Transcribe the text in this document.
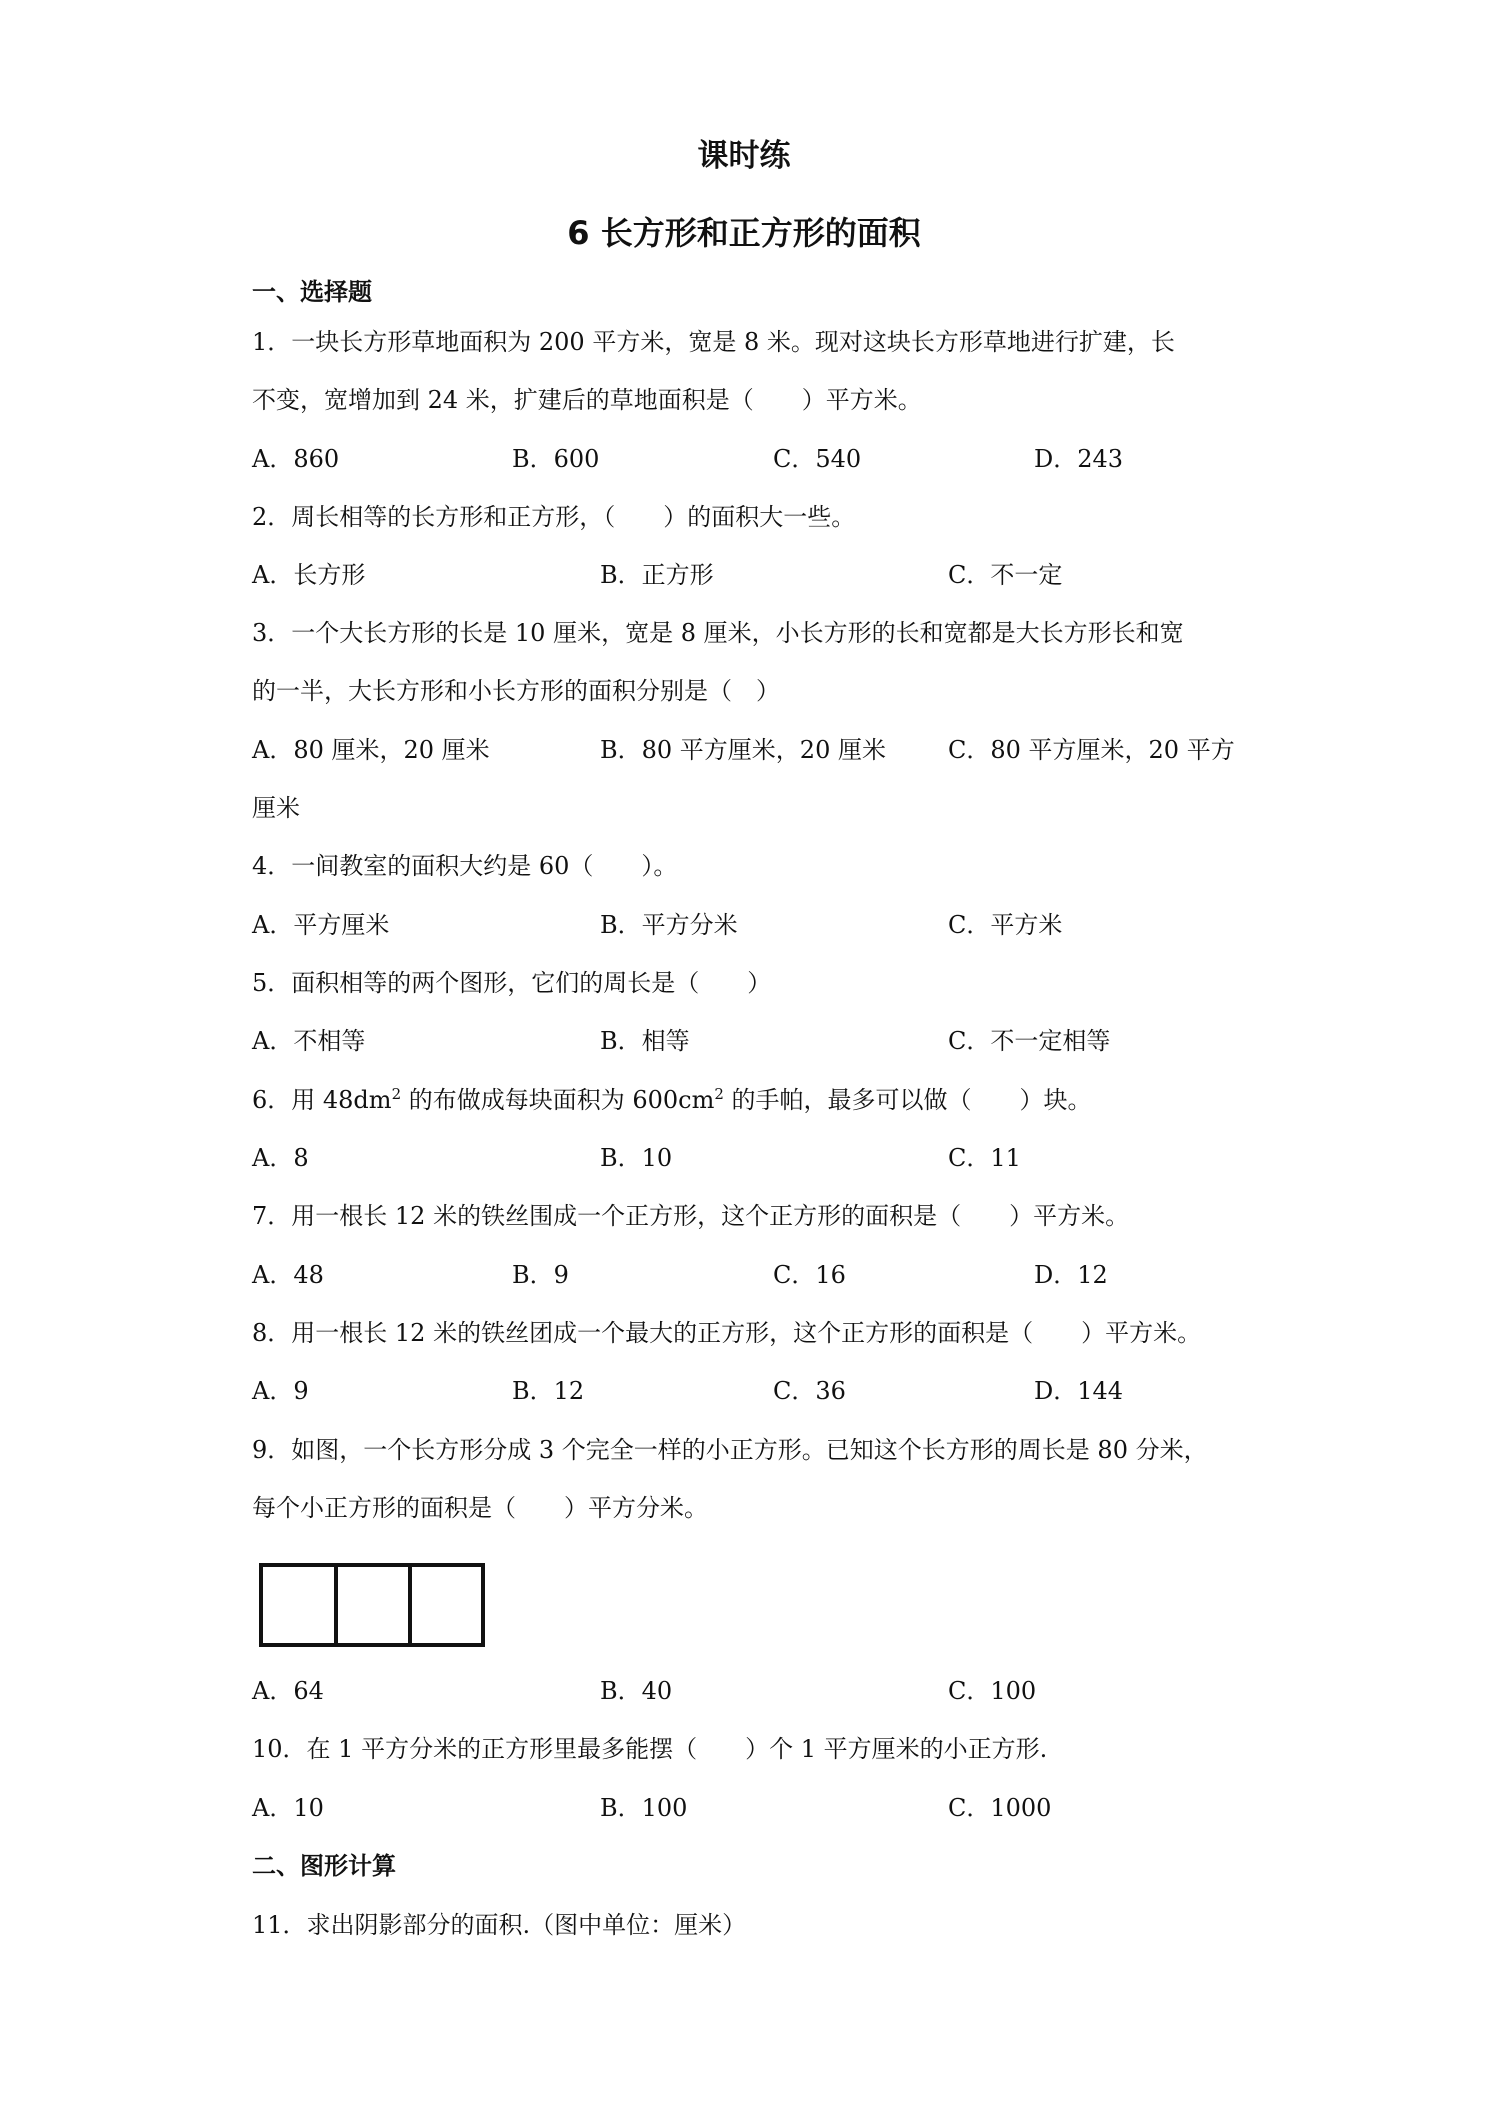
课时练
6 长方形和正方形的面积
一、选择题
1．一块长方形草地面积为 200 平方米，宽是 8 米。现对这块长方形草地进行扩建，长
不变，宽增加到 24 米，扩建后的草地面积是（　　）平方米。
A．860	B．600	C．540	D．243
2．周长相等的长方形和正方形，（　　）的面积大一些。
A．长方形	B．正方形	C．不一定
3．一个大长方形的长是 10 厘米，宽是 8 厘米，小长方形的长和宽都是大长方形长和宽
的一半，大长方形和小长方形的面积分别是（　）
A．80 厘米，20 厘米	B．80 平方厘米，20 厘米	C．80 平方厘米，20 平方
厘米
4．一间教室的面积大约是 60（　　）。
A．平方厘米	B．平方分米	C．平方米
5．面积相等的两个图形，它们的周长是（　　）
A．不相等	B．相等	C．不一定相等
6．用 $48dm^2$ 的布做成每块面积为 $600cm^2$ 的手帕，最多可以做（　　）块。
A．8	B．10	C．11
7．用一根长 12 米的铁丝围成一个正方形，这个正方形的面积是（　　）平方米。
A．48	B．9	C．16	D．12
8．用一根长 12 米的铁丝团成一个最大的正方形，这个正方形的面积是（　　）平方米。
A．9	B．12	C．36	D．144
9．如图，一个长方形分成 3 个完全一样的小正方形。已知这个长方形的周长是 80 分米，
每个小正方形的面积是（　　）平方分米。
A．64	B．40	C．100
10．在 1 平方分米的正方形里最多能摆（　　）个 1 平方厘米的小正方形.
A．10	B．100	C．1000
二、图形计算
11．求出阴影部分的面积.（图中单位：厘米）
